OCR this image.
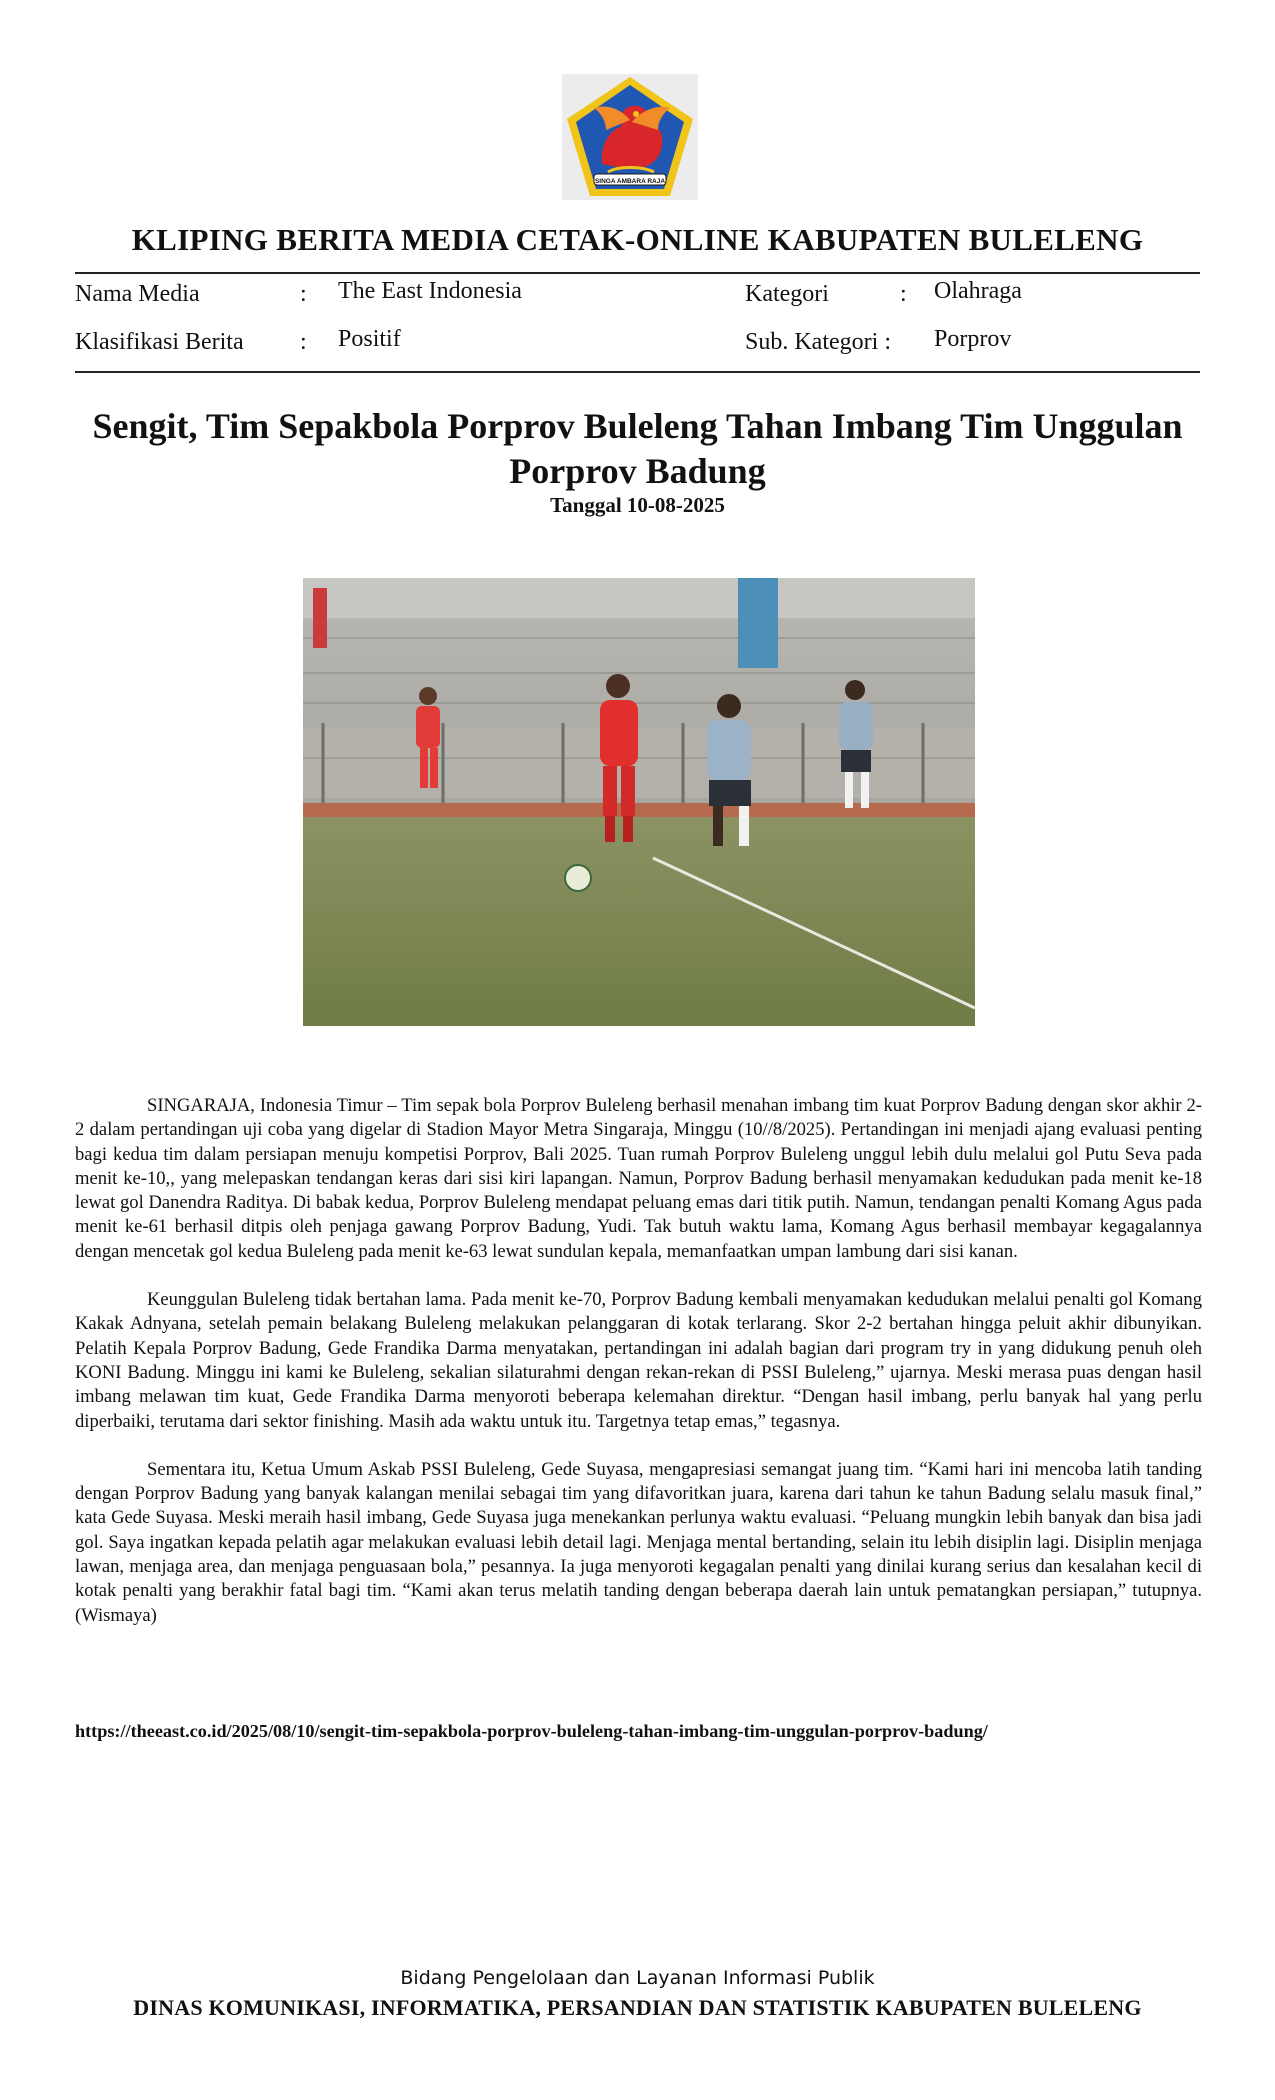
SINGA AMBARA RAJA
KLIPING BERITA MEDIA CETAK-ONLINE KABUPATEN BULELENG
Nama Media	: The East Indonesia	Kategori	: Olahraga
Klasifikasi Berita : Positif	Sub. Kategori : Porprov
Sengit, Tim Sepakbola Porprov Buleleng Tahan Imbang Tim Unggulan Porprov Badung
Tanggal 10-08-2025

SINGARAJA, Indonesia Timur – Tim sepak bola Porprov Buleleng berhasil menahan imbang tim kuat Porprov Badung dengan skor akhir 2-2 dalam pertandingan uji coba yang digelar di Stadion Mayor Metra Singaraja, Minggu (10//8/2025). Pertandingan ini menjadi ajang evaluasi penting bagi kedua tim dalam persiapan menuju kompetisi Porprov, Bali 2025. Tuan rumah Porprov Buleleng unggul lebih dulu melalui gol Putu Seva pada menit ke-10,, yang melepaskan tendangan keras dari sisi kiri lapangan. Namun, Porprov Badung berhasil menyamakan kedudukan pada menit ke-18 lewat gol Danendra Raditya. Di babak kedua, Porprov Buleleng mendapat peluang emas dari titik putih. Namun, tendangan penalti Komang Agus pada menit ke-61 berhasil ditpis oleh penjaga gawang Porprov Badung, Yudi. Tak butuh waktu lama, Komang Agus berhasil membayar kegagalannya dengan mencetak gol kedua Buleleng pada menit ke-63 lewat sundulan kepala, memanfaatkan umpan lambung dari sisi kanan.

Keunggulan Buleleng tidak bertahan lama. Pada menit ke-70, Porprov Badung kembali menyamakan kedudukan melalui penalti gol Komang Kakak Adnyana, setelah pemain belakang Buleleng melakukan pelanggaran di kotak terlarang. Skor 2-2 bertahan hingga peluit akhir dibunyikan. Pelatih Kepala Porprov Badung, Gede Frandika Darma menyatakan, pertandingan ini adalah bagian dari program try in yang didukung penuh oleh KONI Badung. Minggu ini kami ke Buleleng, sekalian silaturahmi dengan rekan-rekan di PSSI Buleleng,” ujarnya. Meski merasa puas dengan hasil imbang melawan tim kuat, Gede Frandika Darma menyoroti beberapa kelemahan direktur. “Dengan hasil imbang, perlu banyak hal yang perlu diperbaiki, terutama dari sektor finishing. Masih ada waktu untuk itu. Targetnya tetap emas,” tegasnya.

Sementara itu, Ketua Umum Askab PSSI Buleleng, Gede Suyasa, mengapresiasi semangat juang tim. “Kami hari ini mencoba latih tanding dengan Porprov Badung yang banyak kalangan menilai sebagai tim yang difavoritkan juara, karena dari tahun ke tahun Badung selalu masuk final,” kata Gede Suyasa. Meski meraih hasil imbang, Gede Suyasa juga menekankan perlunya waktu evaluasi. “Peluang mungkin lebih banyak dan bisa jadi gol. Saya ingatkan kepada pelatih agar melakukan evaluasi lebih detail lagi. Menjaga mental bertanding, selain itu lebih disiplin lagi. Disiplin menjaga lawan, menjaga area, dan menjaga penguasaan bola,” pesannya. Ia juga menyoroti kegagalan penalti yang dinilai kurang serius dan kesalahan kecil di kotak penalti yang berakhir fatal bagi tim. “Kami akan terus melatih tanding dengan beberapa daerah lain untuk pematangkan persiapan,” tutupnya.(Wismaya)

https://theeast.co.id/2025/08/10/sengit-tim-sepakbola-porprov-buleleng-tahan-imbang-tim-unggulan-porprov-badung/
Bidang Pengelolaan dan Layanan Informasi Publik
DINAS KOMUNIKASI, INFORMATIKA, PERSANDIAN DAN STATISTIK KABUPATEN BULELENG
